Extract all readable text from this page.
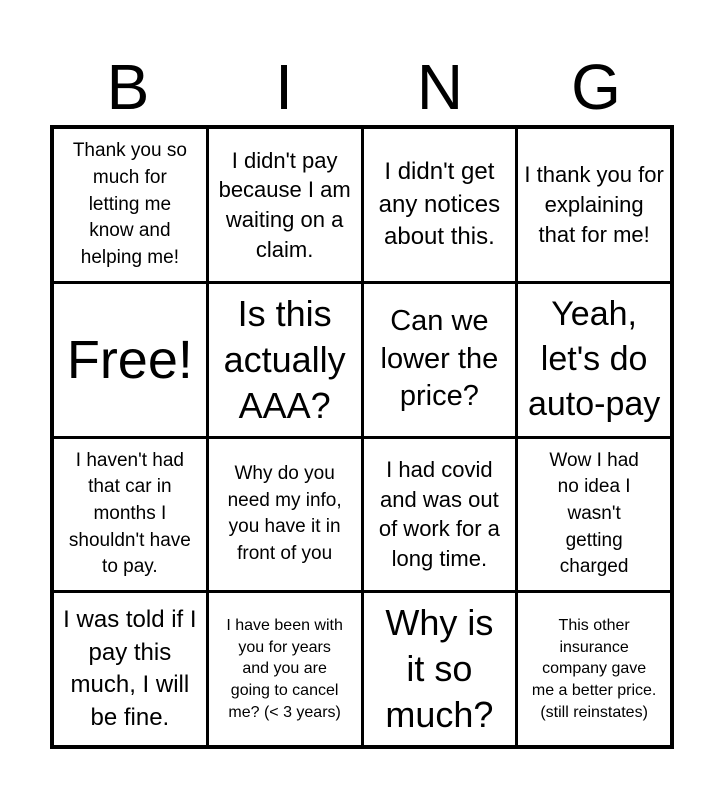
B	I	N	G
Thank you so much for letting me know and helping me!
I didn't pay because I am waiting on a claim.
I didn't get any notices about this.
I thank you for explaining that for me!
Free!
Is this actually AAA?
Can we lower the price?
Yeah, let's do auto-pay
I haven't had that car in months I shouldn't have to pay.
Why do you need my info, you have it in front of you
I had covid and was out of work for a long time.
Wow I had no idea I wasn't getting charged
I was told if I pay this much, I will be fine.
I have been with you for years and you are going to cancel me? (< 3 years)
Why is it so much?
This other insurance company gave me a better price.(still reinstates)
